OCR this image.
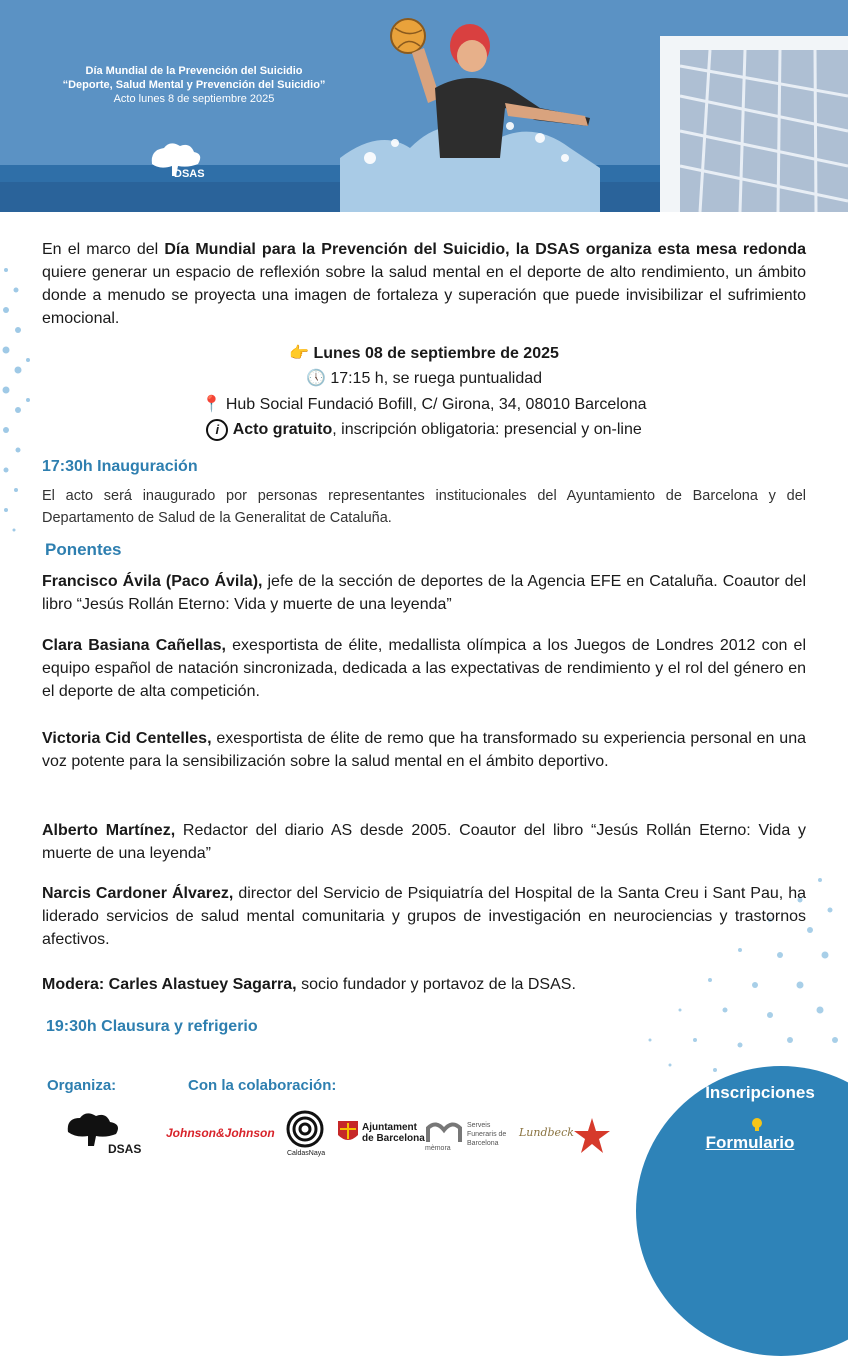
Día Mundial de la Prevención del Suicidio
“Deporte, Salud Mental y Prevención del Suicidio”
Acto lunes 8 de septiembre 2025
DSAS
En el marco del Día Mundial para la Prevención del Suicidio, la DSAS organiza esta mesa redonda quiere generar un espacio de reflexión sobre la salud mental en el deporte de alto rendimiento, un ámbito donde a menudo se proyecta una imagen de fortaleza y superación que puede invisibilizar el sufrimiento emocional.
👉 Lunes 08 de septiembre de 2025
🕔 17:15 h, se ruega puntualidad
📍 Hub Social Fundació Bofill, C/ Girona, 34, 08010 Barcelona
i Acto gratuito, inscripción obligatoria: presencial y on-line
17:30h Inauguración
El acto será inaugurado por personas representantes institucionales del Ayuntamiento de Barcelona y del Departamento de Salud de la Generalitat de Cataluña.
Ponentes
Francisco Ávila (Paco Ávila), jefe de la sección de deportes de la Agencia EFE en Cataluña. Coautor del libro “Jesús Rollán Eterno: Vida y muerte de una leyenda”
Clara Basiana Cañellas, exesportista de élite, medallista olímpica a los Juegos de Londres 2012 con el equipo español de natación sincronizada, dedicada a las expectativas de rendimiento y el rol del género en el deporte de alta competición.
Victoria Cid Centelles, exesportista de élite de remo que ha transformado su experiencia personal en una voz potente para la sensibilización sobre la salud mental en el ámbito deportivo.
Alberto Martínez, Redactor del diario AS desde 2005. Coautor del libro “Jesús Rollán Eterno: Vida y muerte de una leyenda”
Narcis Cardoner Álvarez, director del Servicio de Psiquiatría del Hospital de la Santa Creu i Sant Pau, ha liderado servicios de salud mental comunitaria y grupos de investigación en neurociencias y trastornos afectivos.
Modera: Carles Alastuey Sagarra, socio fundador y portavoz de la DSAS.
19:30h Clausura y refrigerio
Organiza:	Con la colaboración:
DSAS
Johnson&Johnson
CaldasNaya
Ajuntament
de Barcelona
mèmora
Serveis
Funeraris de
Barcelona
Lundbeck
Inscripciones
Formulario
